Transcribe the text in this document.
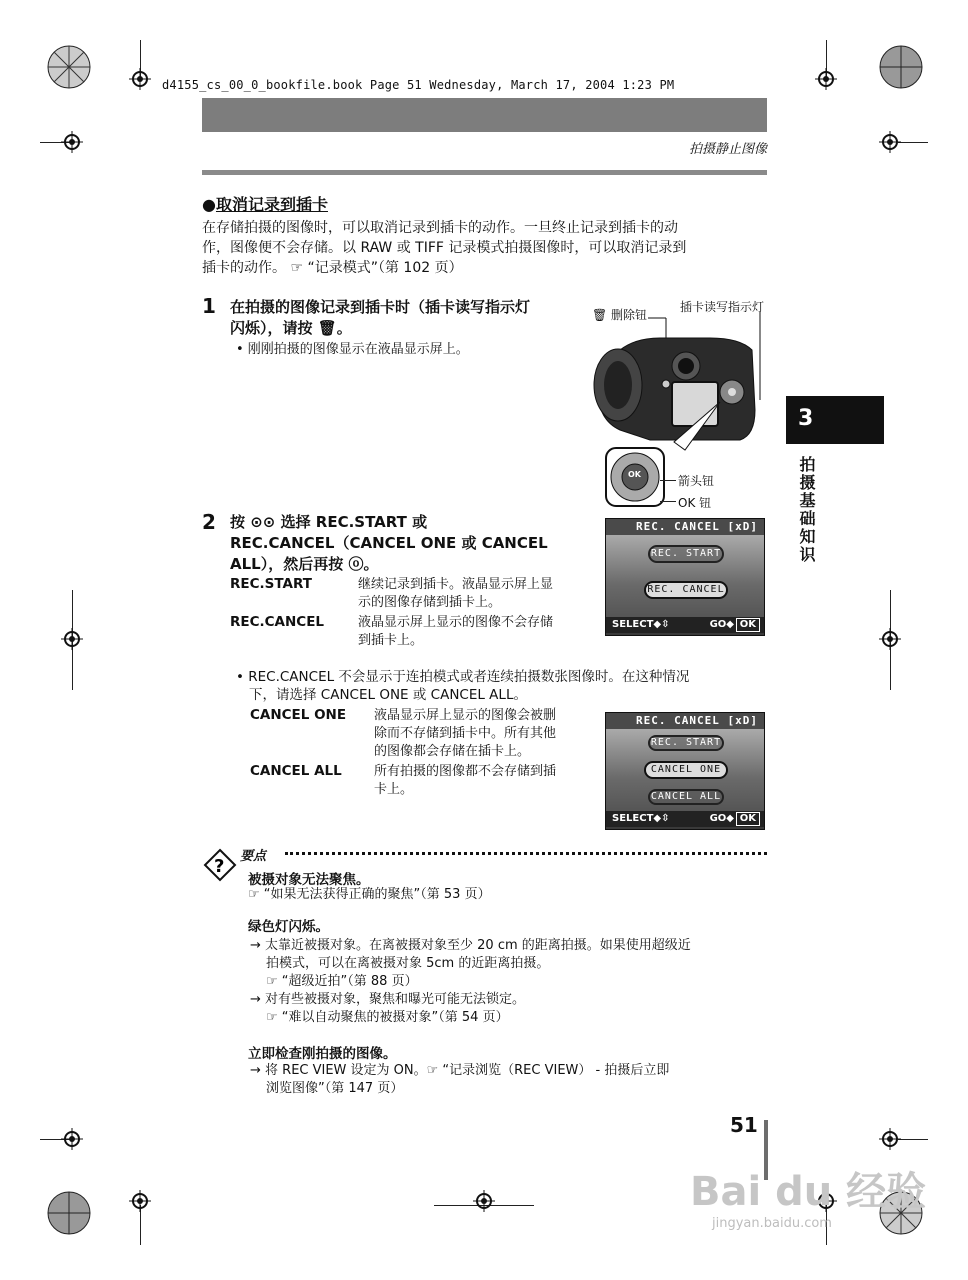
d4155_cs_00_0_bookfile.book Page 51 Wednesday, March 17, 2004 1:23 PM
拍摄静止图像
●取消记录到插卡
在存储拍摄的图像时，可以取消记录到插卡的动作。一旦终止记录到插卡的动
作，图像便不会存储。以 RAW 或 TIFF 记录模式拍摄图像时，可以取消记录到
插卡的动作。 ☞ “记录模式”（第 102 页）
1 在拍摄的图像记录到插卡时（插卡读写指示灯
闪烁），请按 🗑。
• 刚刚拍摄的图像显示在液晶显示屏上。
🗑 删除钮
插卡读写指示灯
OK	箭头钮
OK 钮
3
拍摄基础知识
2 按 ⊙⊙ 选择 REC.START 或
REC.CANCEL（CANCEL ONE 或 CANCEL
ALL），然后再按 ⓞ。
REC.START	继续记录到插卡。液晶显示屏上显
示的图像存储到插卡上。
REC.CANCEL	液晶显示屏上显示的图像不会存储
到插卡上。
REC. CANCEL [xD]
REC. START
REC. CANCEL
SELECT◆⇳	GO◆ OK
• REC.CANCEL 不会显示于连拍模式或者连续拍摄数张图像时。在这种情况
下，请选择 CANCEL ONE 或 CANCEL ALL。
CANCEL ONE 液晶显示屏上显示的图像会被删
除而不存储到插卡中。所有其他
的图像都会存储在插卡上。
CANCEL ALL 所有拍摄的图像都不会存储到插
卡上。
REC. CANCEL [xD]
REC. START
CANCEL ONE
CANCEL ALL
SELECT◆⇳	GO◆ OK
? 要点
被摄对象无法聚焦。
☞ “如果无法获得正确的聚焦”（第 53 页）
绿色灯闪烁。
→ 太靠近被摄对象。在离被摄对象至少 20 cm 的距离拍摄。如果使用超级近
拍模式，可以在离被摄对象 5cm 的近距离拍摄。
☞ “超级近拍”（第 88 页）
→ 对有些被摄对象，聚焦和曝光可能无法锁定。
☞ “难以自动聚焦的被摄对象”（第 54 页）
立即检查刚拍摄的图像。
→ 将 REC VIEW 设定为 ON。☞ “记录浏览（REC VIEW） - 拍摄后立即
浏览图像”（第 147 页）
51
Bai du 经验
jingyan.baidu.com
